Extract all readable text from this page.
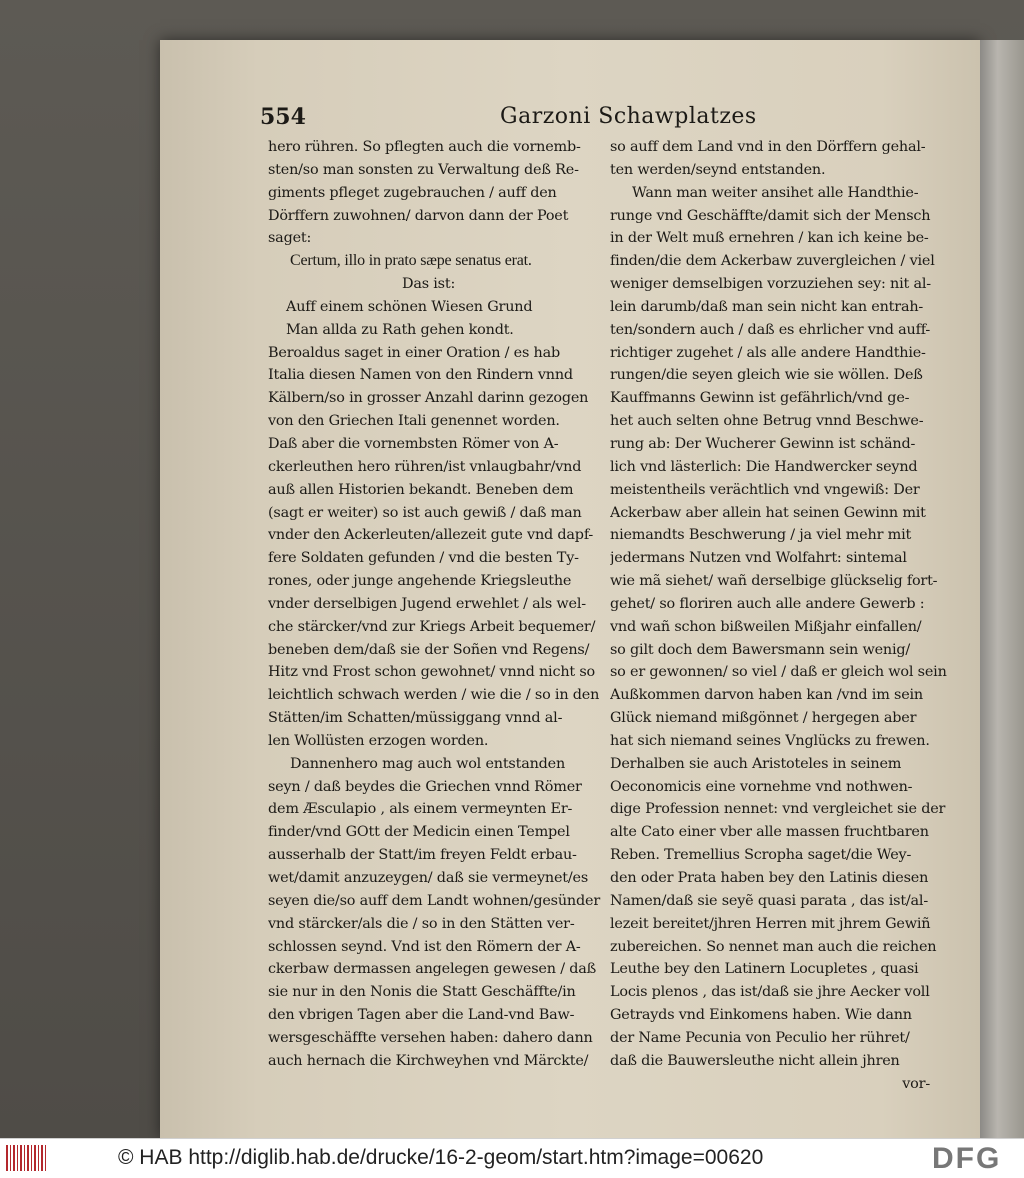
554	Garzoni Schawplatzes
hero rühren. So pflegten auch die vornemb-
sten/so man sonsten zu Verwaltung deß Re-
giments pfleget zugebrauchen / auff den
Dörffern zuwohnen/ darvon dann der Poet
saget:
Certum, illo in prato sæpe senatus erat.
Das ist:
Auff einem schönen Wiesen Grund
Man allda zu Rath gehen kondt.
Beroaldus saget in einer Oration / es hab
Italia diesen Namen von den Rindern vnnd
Kälbern/so in grosser Anzahl darinn gezogen
von den Griechen Itali genennet worden.
Daß aber die vornembsten Römer von A-
ckerleuthen hero rühren/ist vnlaugbahr/vnd
auß allen Historien bekandt. Beneben dem
(sagt er weiter) so ist auch gewiß / daß man
vnder den Ackerleuten/allezeit gute vnd dapf-
fere Soldaten gefunden / vnd die besten Ty-
rones, oder junge angehende Kriegsleuthe
vnder derselbigen Jugend erwehlet / als wel-
che stärcker/vnd zur Kriegs Arbeit bequemer/
beneben dem/daß sie der Soñen vnd Regens/
Hitz vnd Frost schon gewohnet/ vnnd nicht so
leichtlich schwach werden / wie die / so in den
Stätten/im Schatten/müssiggang vnnd al-
len Wollüsten erzogen worden.
Dannenhero mag auch wol entstanden
seyn / daß beydes die Griechen vnnd Römer
dem Æsculapio , als einem vermeynten Er-
finder/vnd GOtt der Medicin einen Tempel
ausserhalb der Statt/im freyen Feldt erbau-
wet/damit anzuzeygen/ daß sie vermeynet/es
seyen die/so auff dem Landt wohnen/gesünder
vnd stärcker/als die / so in den Stätten ver-
schlossen seynd. Vnd ist den Römern der A-
ckerbaw dermassen angelegen gewesen / daß
sie nur in den Nonis die Statt Geschäffte/in
den vbrigen Tagen aber die Land-vnd Baw-
wersgeschäffte versehen haben: dahero dann
auch hernach die Kirchweyhen vnd Märckte/
so auff dem Land vnd in den Dörffern gehal-
ten werden/seynd entstanden.
Wann man weiter ansihet alle Handthie-
runge vnd Geschäffte/damit sich der Mensch
in der Welt muß ernehren / kan ich keine be-
finden/die dem Ackerbaw zuvergleichen / viel
weniger demselbigen vorzuziehen sey: nit al-
lein darumb/daß man sein nicht kan entrah-
ten/sondern auch / daß es ehrlicher vnd auff-
richtiger zugehet / als alle andere Handthie-
rungen/die seyen gleich wie sie wöllen. Deß
Kauffmanns Gewinn ist gefährlich/vnd ge-
het auch selten ohne Betrug vnnd Beschwe-
rung ab: Der Wucherer Gewinn ist schänd-
lich vnd lästerlich: Die Handwercker seynd
meistentheils verächtlich vnd vngewiß: Der
Ackerbaw aber allein hat seinen Gewinn mit
niemandts Beschwerung / ja viel mehr mit
jedermans Nutzen vnd Wolfahrt: sintemal
wie mã siehet/ wañ derselbige glückselig fort-
gehet/ so floriren auch alle andere Gewerb :
vnd wañ schon bißweilen Mißjahr einfallen/
so gilt doch dem Bawersmann sein wenig/
so er gewonnen/ so viel / daß er gleich wol sein
Außkommen darvon haben kan /vnd im sein
Glück niemand mißgönnet / hergegen aber
hat sich niemand seines Vnglücks zu frewen.
Derhalben sie auch Aristoteles in seinem
Oeconomicis eine vornehme vnd nothwen-
dige Profession nennet: vnd vergleichet sie der
alte Cato einer vber alle massen fruchtbaren
Reben. Tremellius Scropha saget/die Wey-
den oder Prata haben bey den Latinis diesen
Namen/daß sie seyẽ quasi parata , das ist/al-
lezeit bereitet/jhren Herren mit jhrem Gewiñ
zubereichen. So nennet man auch die reichen
Leuthe bey den Latinern Locupletes , quasi
Locis plenos , das ist/daß sie jhre Aecker voll
Getrayds vnd Einkomens haben. Wie dann
der Name Pecunia von Peculio her rühret/
daß die Bauwersleuthe nicht allein jhren
vor-
© HAB http://diglib.hab.de/drucke/16-2-geom/start.htm?image=00620	DFG
